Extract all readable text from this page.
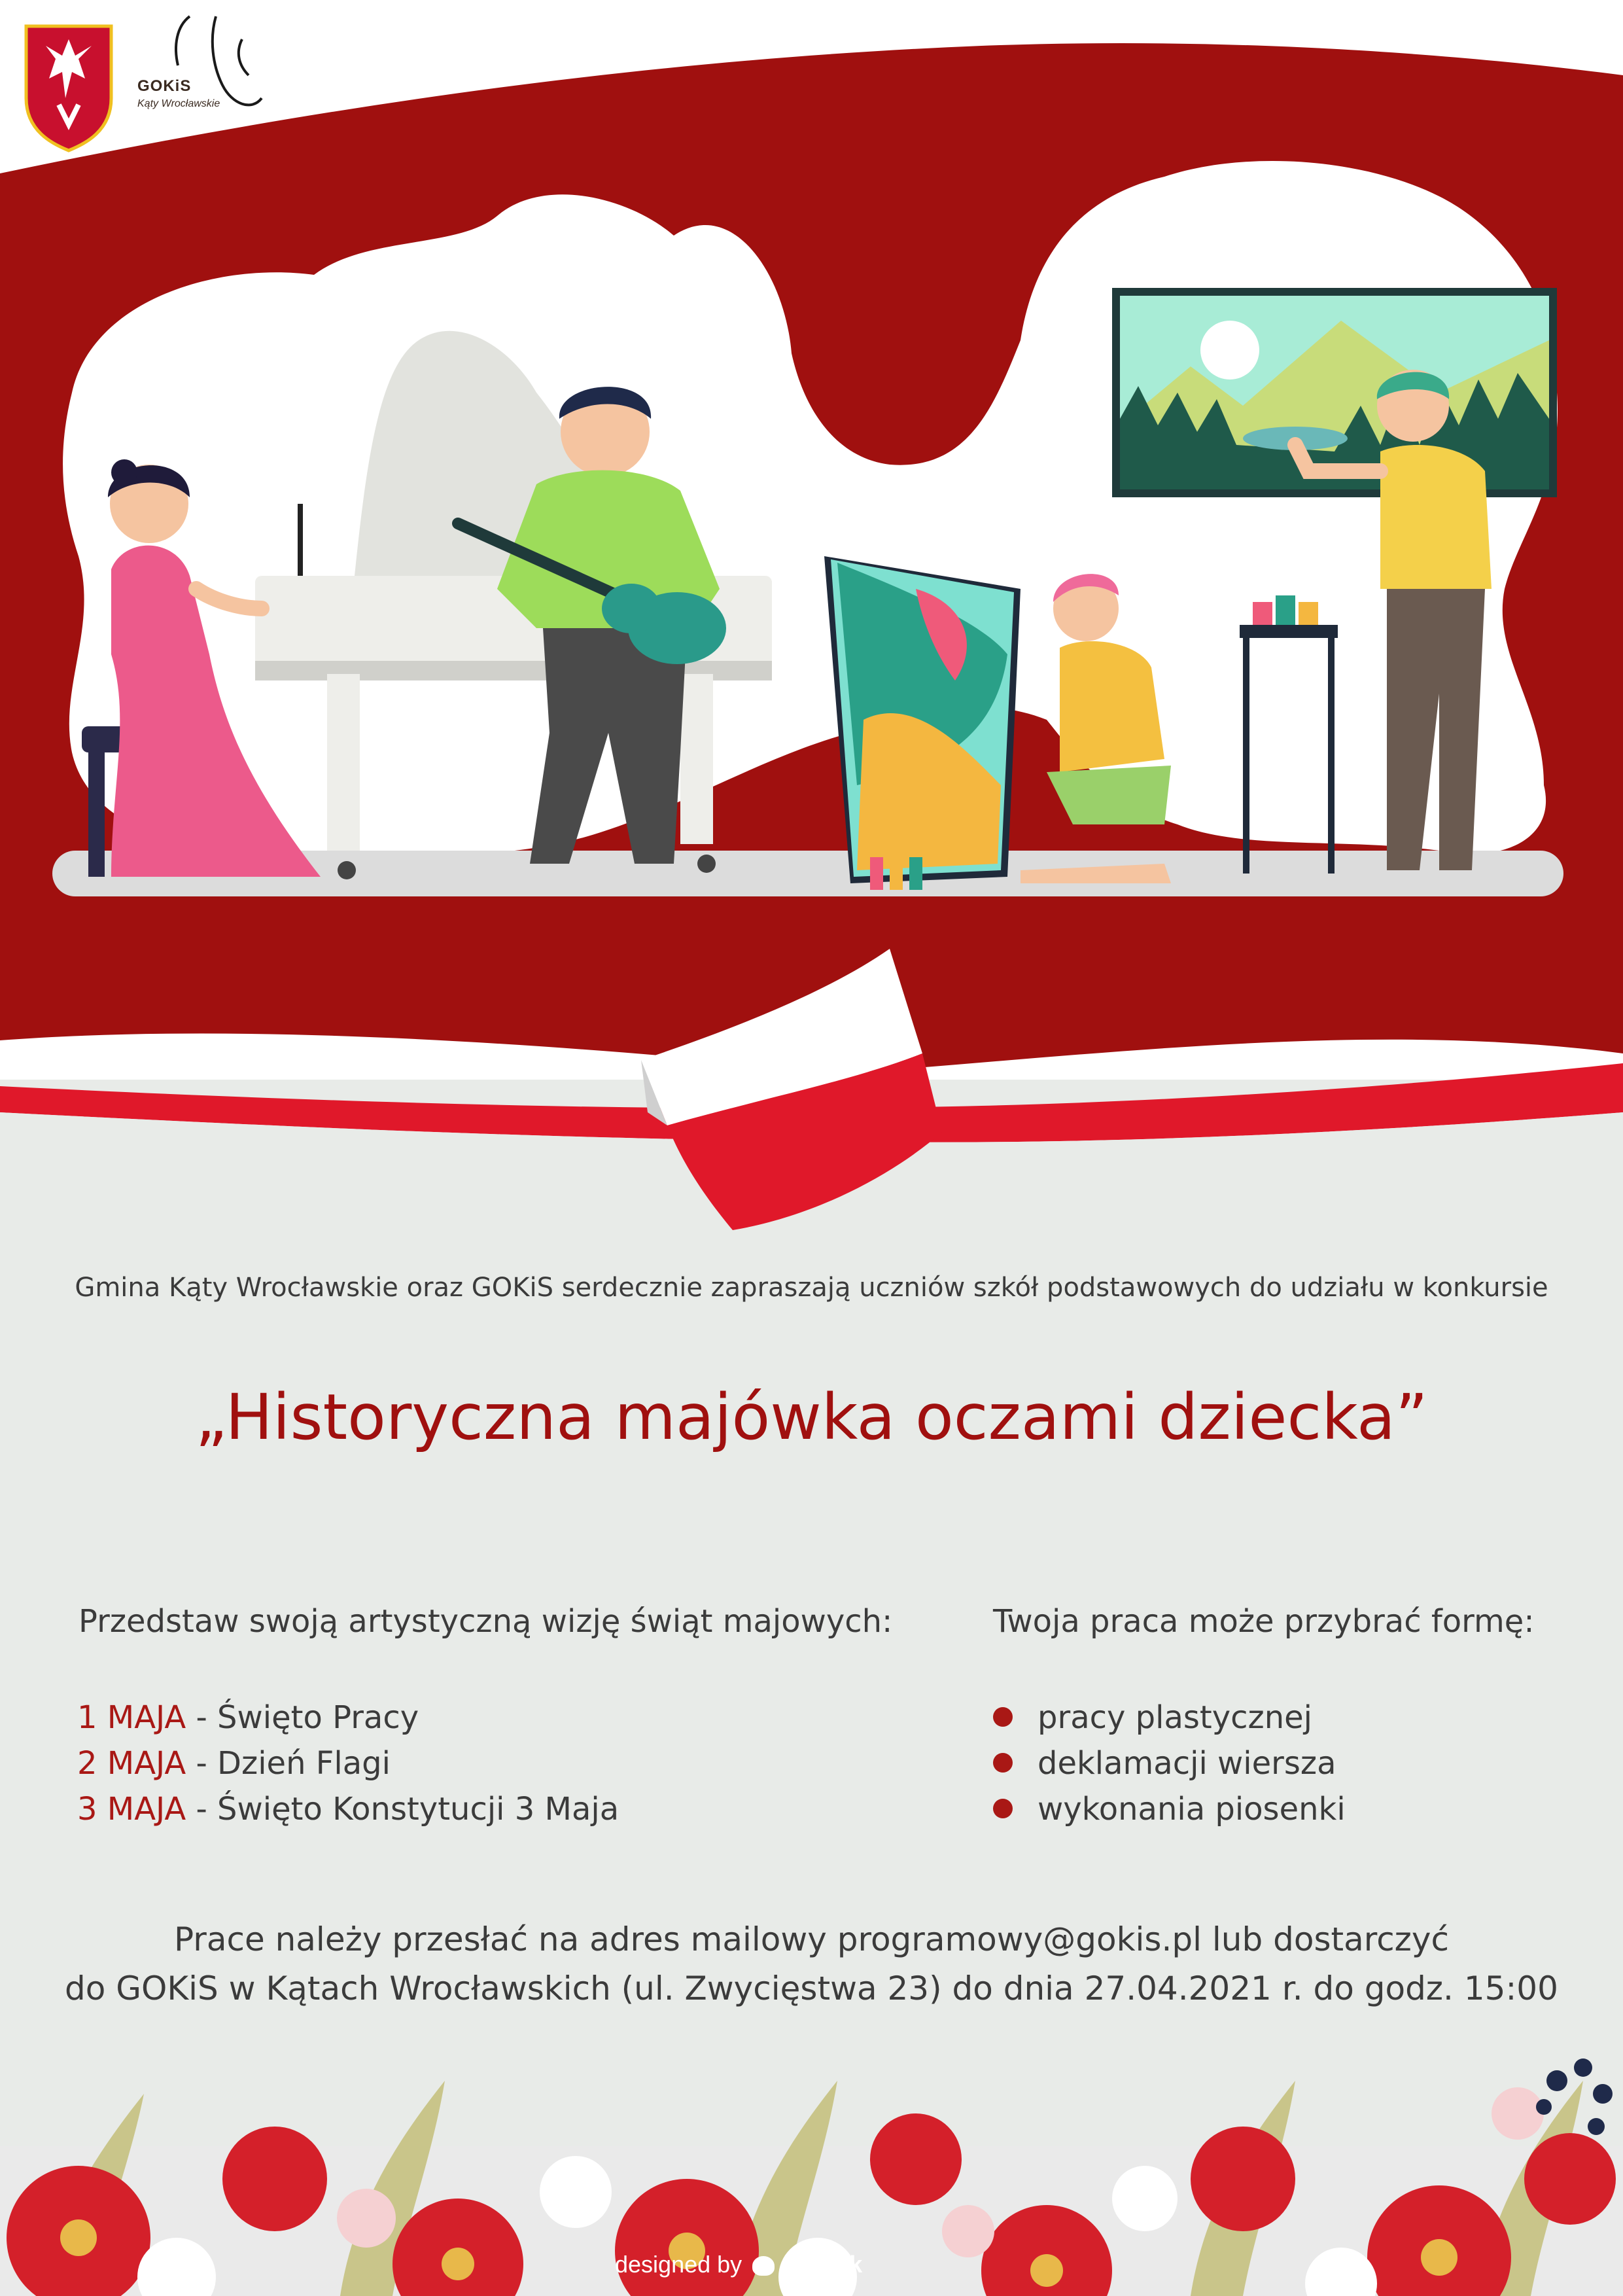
GOKiS
Kąty Wrocławskie
Gmina Kąty Wrocławskie oraz GOKiS serdecznie zapraszają uczniów szkół podstawowych do udziału w konkursie
„Historyczna majówka oczami dziecka”
Przedstaw swoją artystyczną wizję świąt majowych:
1 MAJA - Święto Pracy
2 MAJA - Dzień Flagi
3 MAJA - Święto Konstytucji 3 Maja
Twoja praca może przybrać formę:
pracy plastycznej
deklamacji wiersza
wykonania piosenki
Prace należy przesłać na adres mailowy programowy@gokis.pl lub dostarczyć
do GOKiS w Kątach Wrocławskich (ul. Zwycięstwa 23) do dnia 27.04.2021 r. do godz. 15:00
designed by freepik
